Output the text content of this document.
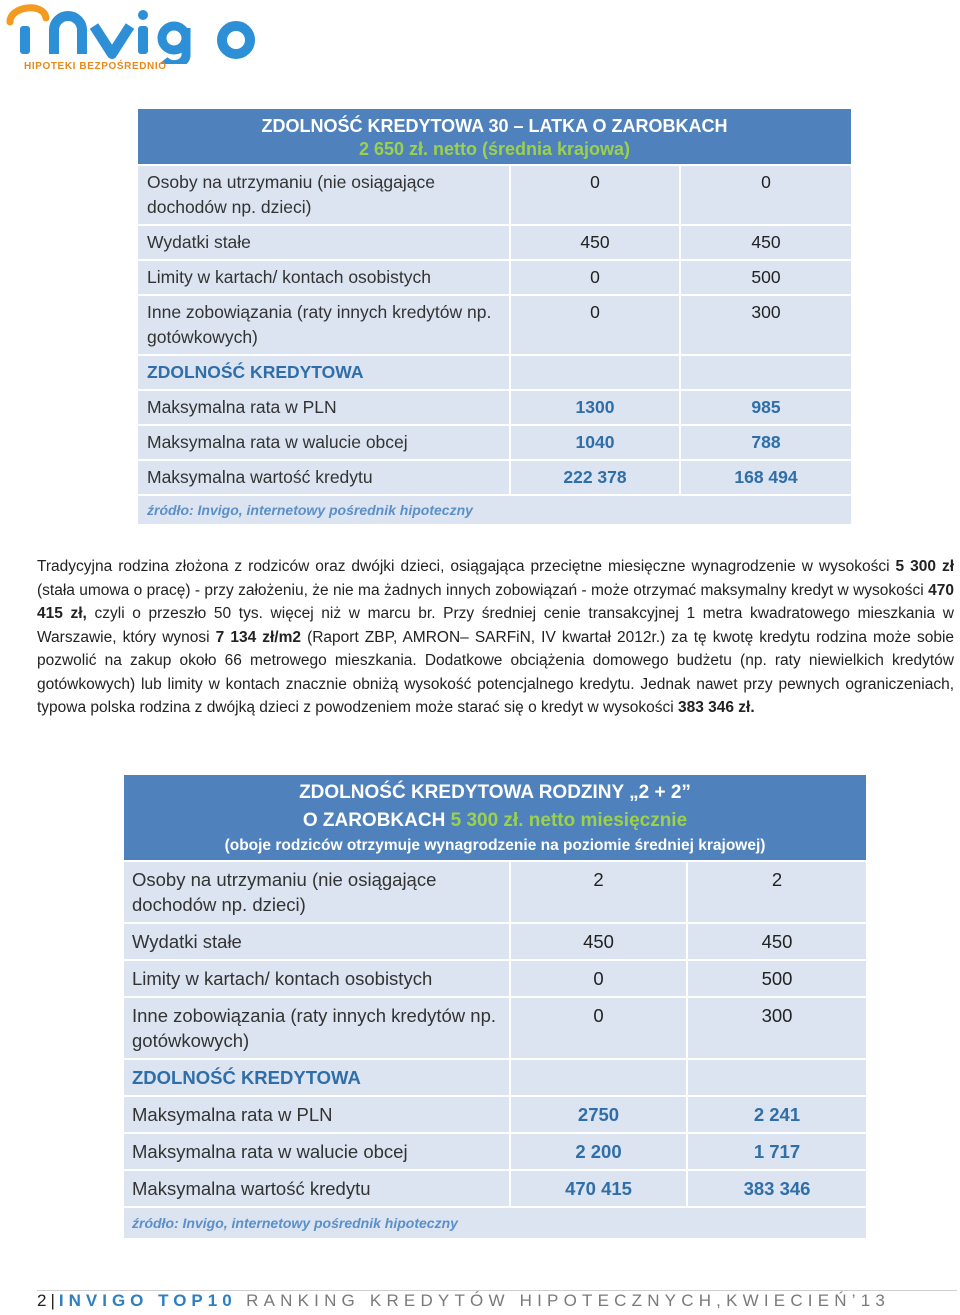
HIPOTEKI BEZPOŚREDNIO
ZDOLNOŚĆ KREDYTOWA 30 – LATKA O ZAROBKACH
2 650 zł. netto (średnia krajowa)		

Osoby na utrzymaniu (nie osiągające dochodów np. dzieci)	0	0
Wydatki stałe	450	450
Limity w kartach/ kontach osobistych	0	500
Inne zobowiązania (raty innych kredytów np. gotówkowych)	0	300
ZDOLNOŚĆ KREDYTOWA		
Maksymalna rata w PLN	1300	985
Maksymalna rata w walucie obcej	1040	788
Maksymalna wartość kredytu	222 378	168 494
źródło: Invigo, internetowy pośrednik hipoteczny		
Tradycyjna rodzina złożona z rodziców oraz dwójki dzieci, osiągająca przeciętne miesięczne wynagrodzenie w wysokości 5 300 zł (stała umowa o pracę) - przy założeniu, że nie ma żadnych innych zobowiązań - może otrzymać maksymalny kredyt w wysokości 470 415 zł, czyli o przeszło 50 tys. więcej niż w marcu br. Przy średniej cenie transakcyjnej 1 metra kwadratowego mieszkania w Warszawie, który wynosi 7 134 zł/m2 (Raport ZBP, AMRON– SARFiN, IV kwartał 2012r.) za tę kwotę kredytu rodzina może sobie pozwolić na zakup około 66 metrowego mieszkania. Dodatkowe obciążenia domowego budżetu (np. raty niewielkich kredytów gotówkowych) lub limity w kontach znacznie obniżą wysokość potencjalnego kredytu. Jednak nawet przy pewnych ograniczeniach, typowa polska rodzina z dwójką dzieci z powodzeniem może starać się o kredyt w wysokości 383 346 zł.
ZDOLNOŚĆ KREDYTOWA RODZINY „2 + 2”
O ZAROBKACH 5 300 zł. netto miesięcznie
(oboje rodziców otrzymuje wynagrodzenie na poziomie średniej krajowej)		

Osoby na utrzymaniu (nie osiągające dochodów np. dzieci)	2	2
Wydatki stałe	450	450
Limity w kartach/ kontach osobistych	0	500
Inne zobowiązania (raty innych kredytów np. gotówkowych)	0	300
ZDOLNOŚĆ KREDYTOWA		
Maksymalna rata w PLN	2750	2 241
Maksymalna rata w walucie obcej	2 200	1 717
Maksymalna wartość kredytu	470 415	383 346
źródło: Invigo, internetowy pośrednik hipoteczny		
2 | INVIGO TOP10 RANKING KREDYTÓW HIPOTECZNYCH,KWIECIEŃ’13
